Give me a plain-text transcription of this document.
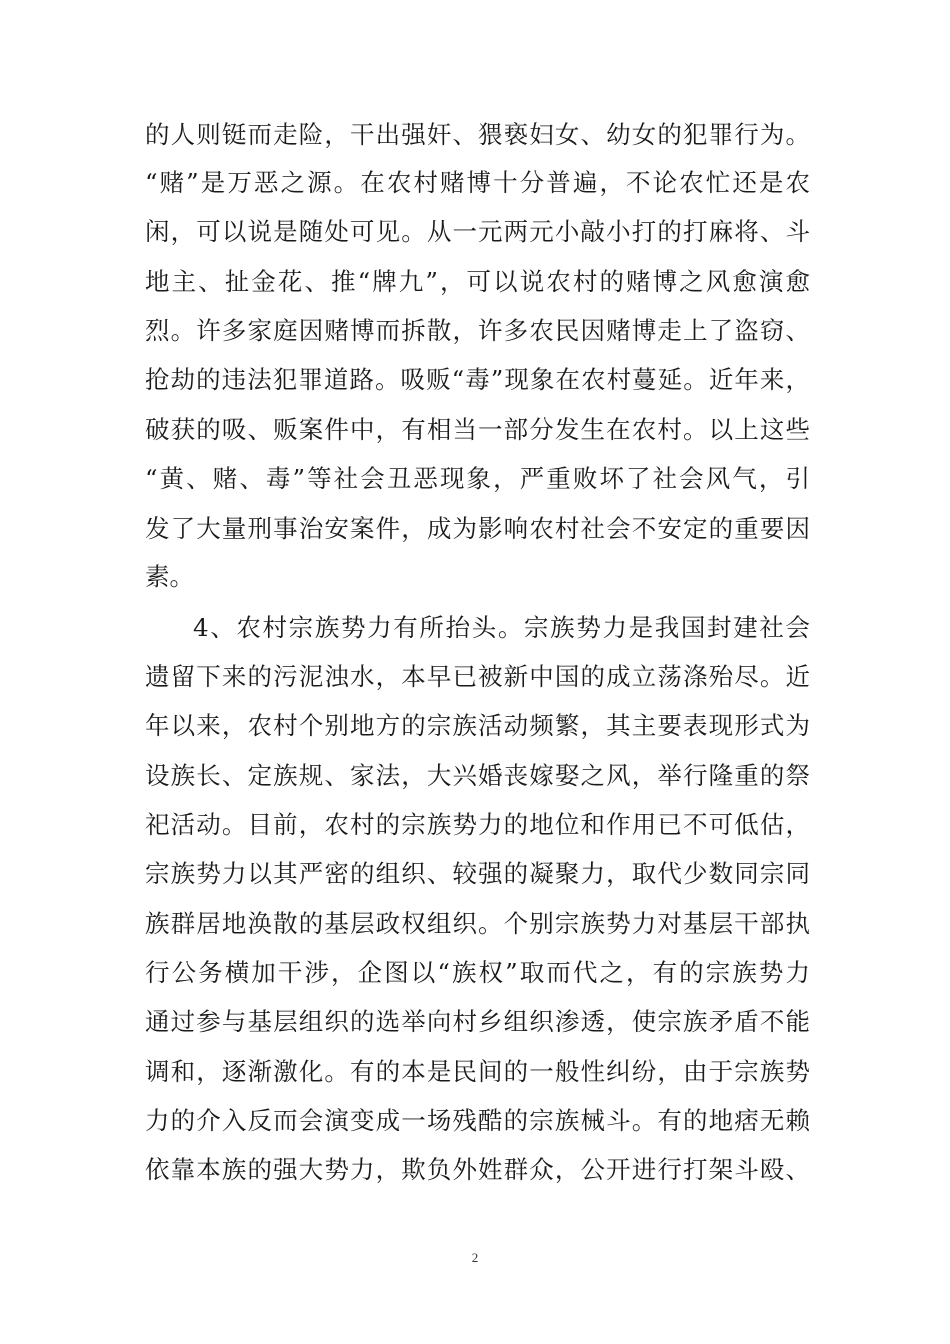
的人则铤而走险，干出强奸、猥亵妇女、幼女的犯罪行为。
“赌”是万恶之源。在农村赌博十分普遍，不论农忙还是农
闲，可以说是随处可见。从一元两元小敲小打的打麻将、斗
地主、扯金花、推“牌九”，可以说农村的赌博之风愈演愈
烈。许多家庭因赌博而拆散，许多农民因赌博走上了盗窃、
抢劫的违法犯罪道路。吸贩“毒”现象在农村蔓延。近年来，
破获的吸、贩案件中，有相当一部分发生在农村。以上这些
“黄、赌、毒”等社会丑恶现象，严重败坏了社会风气，引
发了大量刑事治安案件，成为影响农村社会不安定的重要因
素。
4、农村宗族势力有所抬头。宗族势力是我国封建社会
遗留下来的污泥浊水，本早已被新中国的成立荡涤殆尽。近
年以来，农村个别地方的宗族活动频繁，其主要表现形式为
设族长、定族规、家法，大兴婚丧嫁娶之风，举行隆重的祭
祀活动。目前，农村的宗族势力的地位和作用已不可低估，
宗族势力以其严密的组织、较强的凝聚力，取代少数同宗同
族群居地涣散的基层政权组织。个别宗族势力对基层干部执
行公务横加干涉，企图以“族权”取而代之，有的宗族势力
通过参与基层组织的选举向村乡组织渗透，使宗族矛盾不能
调和，逐渐激化。有的本是民间的一般性纠纷，由于宗族势
力的介入反而会演变成一场残酷的宗族械斗。有的地痞无赖
依靠本族的强大势力，欺负外姓群众，公开进行打架斗殴、
2
